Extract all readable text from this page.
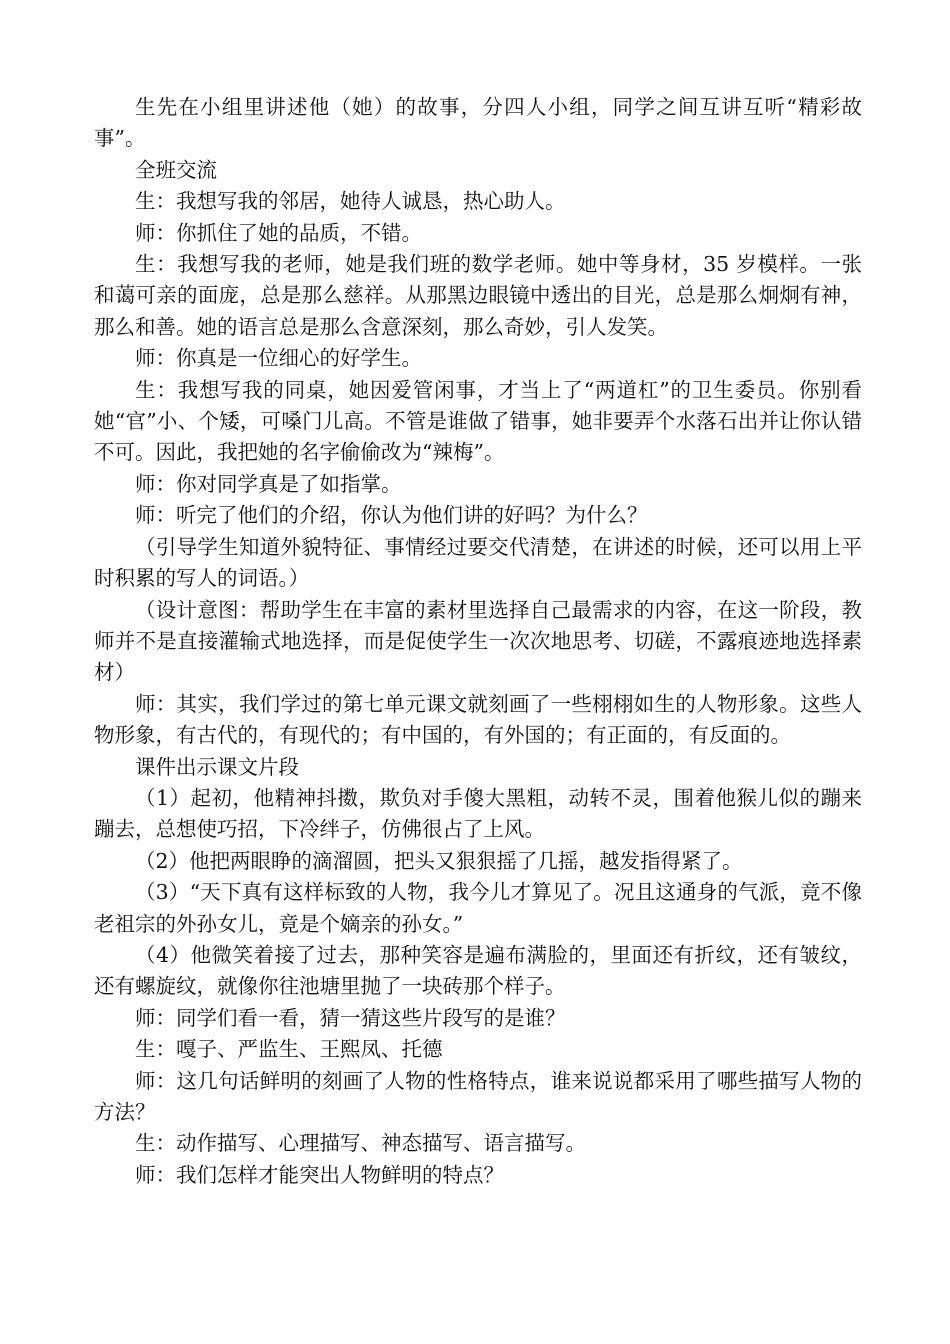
生先在小组里讲述他（她）的故事，分四人小组，同学之间互讲互听“精彩故事”。

全班交流

生：我想写我的邻居，她待人诚恳，热心助人。

师：你抓住了她的品质，不错。

生：我想写我的老师，她是我们班的数学老师。她中等身材，35 岁模样。一张和蔼可亲的面庞，总是那么慈祥。从那黑边眼镜中透出的目光，总是那么炯炯有神，那么和善。她的语言总是那么含意深刻，那么奇妙，引人发笑。

师：你真是一位细心的好学生。

生：我想写我的同桌，她因爱管闲事，才当上了“两道杠”的卫生委员。你别看她“官”小、个矮，可嗓门儿高。不管是谁做了错事，她非要弄个水落石出并让你认错不可。因此，我把她的名字偷偷改为“辣梅”。

师：你对同学真是了如指掌。

师：听完了他们的介绍，你认为他们讲的好吗？为什么？

（引导学生知道外貌特征、事情经过要交代清楚，在讲述的时候，还可以用上平时积累的写人的词语。）

（设计意图：帮助学生在丰富的素材里选择自己最需求的内容，在这一阶段，教师并不是直接灌输式地选择，而是促使学生一次次地思考、切磋，不露痕迹地选择素材）

师：其实，我们学过的第七单元课文就刻画了一些栩栩如生的人物形象。这些人物形象，有古代的，有现代的；有中国的，有外国的；有正面的，有反面的。

课件出示课文片段

（1）起初，他精神抖擞，欺负对手傻大黑粗，动转不灵，围着他猴儿似的蹦来蹦去，总想使巧招，下冷绊子，仿佛很占了上风。

（2）他把两眼睁的滴溜圆，把头又狠狠摇了几摇，越发指得紧了。

（3）“天下真有这样标致的人物，我今儿才算见了。况且这通身的气派，竟不像老祖宗的外孙女儿，竟是个嫡亲的孙女。”

（4）他微笑着接了过去，那种笑容是遍布满脸的，里面还有折纹，还有皱纹，还有螺旋纹，就像你往池塘里抛了一块砖那个样子。

师：同学们看一看，猜一猜这些片段写的是谁？

生：嘎子、严监生、王熙凤、托德

师：这几句话鲜明的刻画了人物的性格特点，谁来说说都采用了哪些描写人物的方法？

生：动作描写、心理描写、神态描写、语言描写。

师：我们怎样才能突出人物鲜明的特点？
